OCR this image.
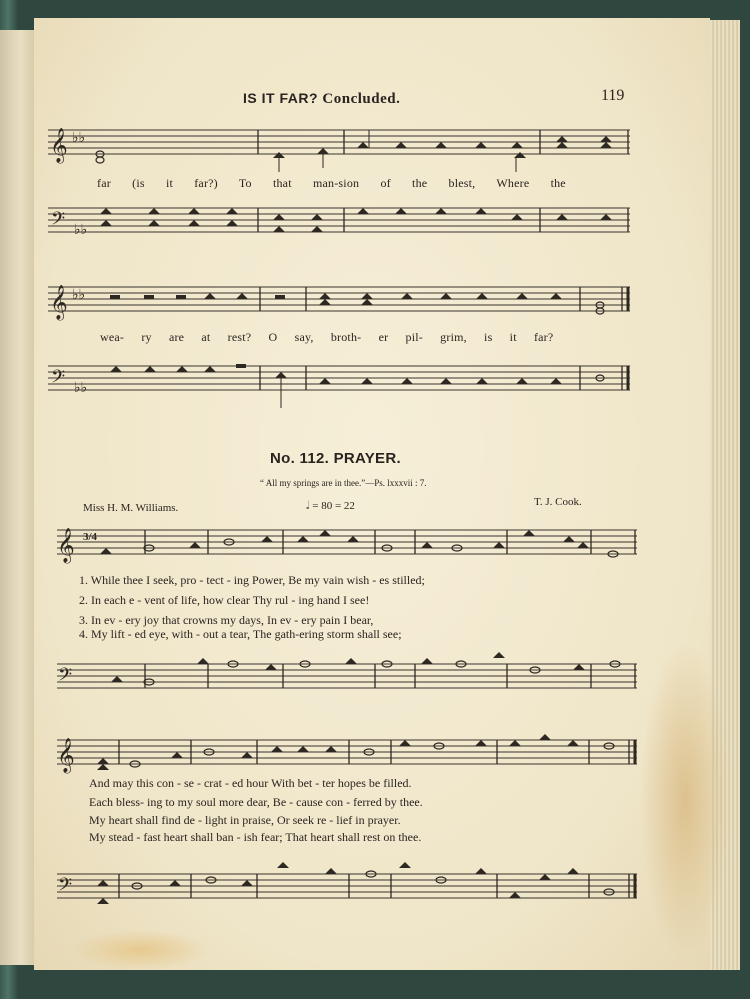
IS IT FAR? Concluded.	119
𝄞 ♭♭
far (is it far?) To that man-sion of the blest, Where the
𝄢 ♭♭
𝄞 ♭♭
wea- ry are at rest? O say, broth- er pil- grim, is it far?
𝄢 ♭♭
No. 112. PRAYER.
“ All my springs are in thee.”—Ps. lxxxvii : 7.
Miss H. M. Williams.	𝅗𝅥 = 80 = 22	T. J. Cook.
𝄞 3/4
1. While thee I seek, pro - tect - ing Power, Be my vain wish - es stilled;
2. In each e - vent of life, how clear Thy rul - ing hand I see!
3. In ev - ery joy that crowns my days, In ev - ery pain I bear,
4. My lift - ed eye, with - out a tear, The gath-ering storm shall see;
𝄢
𝄞
And may this con - se - crat - ed hour With bet - ter hopes be filled.
Each bless- ing to my soul more dear, Be - cause con - ferred by thee.
My heart shall find de - light in praise, Or seek re - lief in prayer.
My stead - fast heart shall ban - ish fear; That heart shall rest on thee.
𝄢
